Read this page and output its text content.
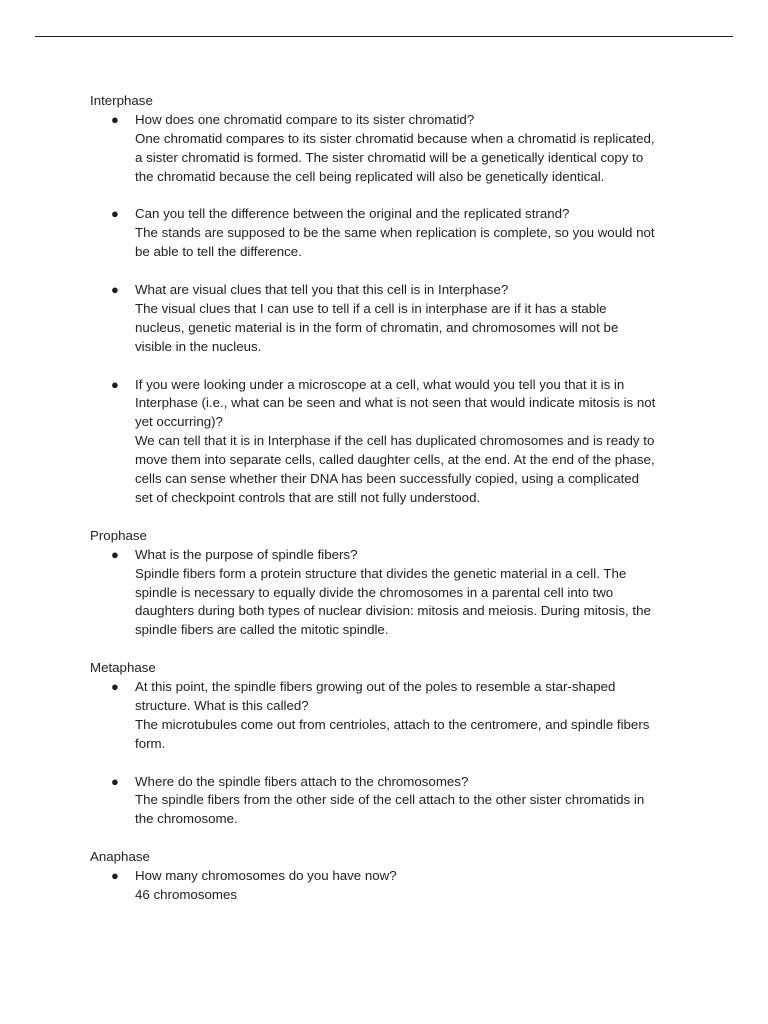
Interphase

● How does one chromatid compare to its sister chromatid?

One chromatid compares to its sister chromatid because when a chromatid is replicated,

a sister chromatid is formed. The sister chromatid will be a genetically identical copy to

the chromatid because the cell being replicated will also be genetically identical.

● Can you tell the difference between the original and the replicated strand?

The stands are supposed to be the same when replication is complete, so you would not

be able to tell the difference.

● What are visual clues that tell you that this cell is in Interphase?

The visual clues that I can use to tell if a cell is in interphase are if it has a stable

nucleus, genetic material is in the form of chromatin, and chromosomes will not be

visible in the nucleus.

● If you were looking under a microscope at a cell, what would you tell you that it is in

Interphase (i.e., what can be seen and what is not seen that would indicate mitosis is not

yet occurring)?

We can tell that it is in Interphase if the cell has duplicated chromosomes and is ready to

move them into separate cells, called daughter cells, at the end. At the end of the phase,

cells can sense whether their DNA has been successfully copied, using a complicated

set of checkpoint controls that are still not fully understood.

Prophase

● What is the purpose of spindle fibers?

Spindle fibers form a protein structure that divides the genetic material in a cell. The

spindle is necessary to equally divide the chromosomes in a parental cell into two

daughters during both types of nuclear division: mitosis and meiosis. During mitosis, the

spindle fibers are called the mitotic spindle.

Metaphase

● At this point, the spindle fibers growing out of the poles to resemble a star-shaped

structure. What is this called?

The microtubules come out from centrioles, attach to the centromere, and spindle fibers

form.

● Where do the spindle fibers attach to the chromosomes?

The spindle fibers from the other side of the cell attach to the other sister chromatids in

the chromosome.

Anaphase

● How many chromosomes do you have now?

46 chromosomes
